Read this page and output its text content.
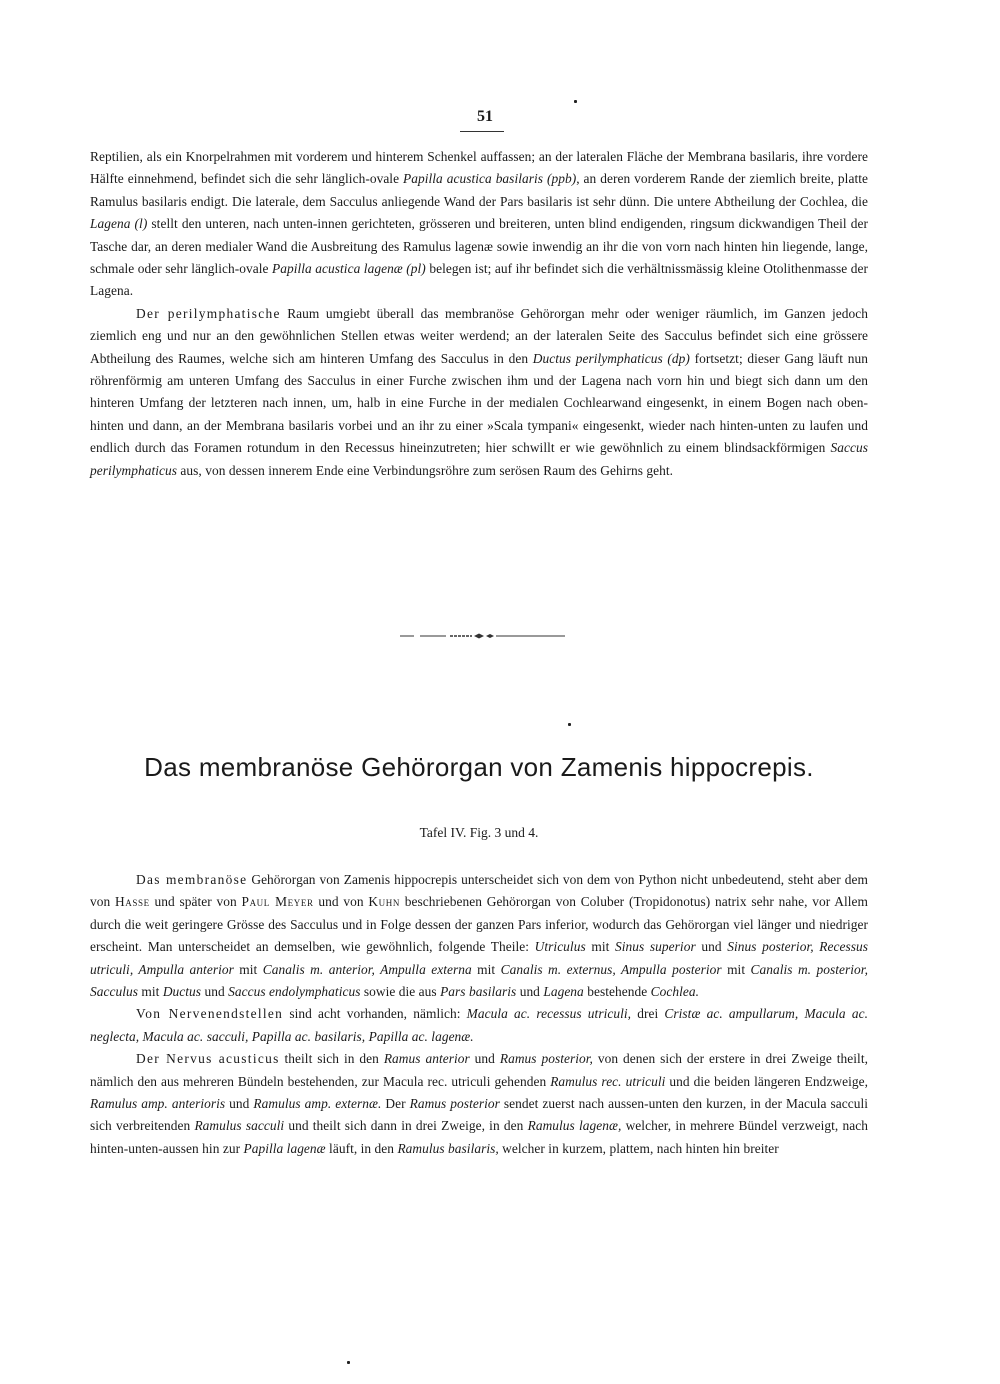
51

Reptilien, als ein Knorpelrahmen mit vorderem und hinterem Schenkel auffassen; an der lateralen Fläche der Membrana basilaris, ihre vordere Hälfte einnehmend, befindet sich die sehr länglich-ovale Papilla acustica basilaris (ppb), an deren vorderem Rande der ziemlich breite, platte Ramulus basilaris endigt. Die laterale, dem Sacculus anliegende Wand der Pars basilaris ist sehr dünn. Die untere Abtheilung der Cochlea, die Lagena (l) stellt den unteren, nach unten-innen gerichteten, grösseren und breiteren, unten blind endigenden, ringsum dickwandigen Theil der Tasche dar, an deren medialer Wand die Ausbreitung des Ramulus lagenæ sowie inwendig an ihr die von vorn nach hinten hin liegende, lange, schmale oder sehr länglich-ovale Papilla acustica lagenæ (pl) belegen ist; auf ihr befindet sich die verhältnissmässig kleine Otolithenmasse der Lagena.

Der perilymphatische Raum umgiebt überall das membranöse Gehörorgan mehr oder weniger räumlich, im Ganzen jedoch ziemlich eng und nur an den gewöhnlichen Stellen etwas weiter werdend; an der lateralen Seite des Sacculus befindet sich eine grössere Abtheilung des Raumes, welche sich am hinteren Umfang des Sacculus in den Ductus perilymphaticus (dp) fortsetzt; dieser Gang läuft nun röhrenförmig am unteren Umfang des Sacculus in einer Furche zwischen ihm und der Lagena nach vorn hin und biegt sich dann um den hinteren Umfang der letzteren nach innen, um, halb in eine Furche in der medialen Cochlearwand eingesenkt, in einem Bogen nach oben-hinten und dann, an der Membrana basilaris vorbei und an ihr zu einer »Scala tympani« eingesenkt, wieder nach hinten-unten zu laufen und endlich durch das Foramen rotundum in den Recessus hineinzutreten; hier schwillt er wie gewöhnlich zu einem blindsackförmigen Saccus perilymphaticus aus, von dessen innerem Ende eine Verbindungsröhre zum serösen Raum des Gehirns geht.

Das membranöse Gehörorgan von Zamenis hippocrepis.
Tafel IV. Fig. 3 und 4.

Das membranöse Gehörorgan von Zamenis hippocrepis unterscheidet sich von dem von Python nicht unbedeutend, steht aber dem von Hasse und später von Paul Meyer und von Kuhn beschriebenen Gehörorgan von Coluber (Tropidonotus) natrix sehr nahe, vor Allem durch die weit geringere Grösse des Sacculus und in Folge dessen der ganzen Pars inferior, wodurch das Gehörorgan viel länger und niedriger erscheint. Man unterscheidet an demselben, wie gewöhnlich, folgende Theile: Utriculus mit Sinus superior und Sinus posterior, Recessus utriculi, Ampulla anterior mit Canalis m. anterior, Ampulla externa mit Canalis m. externus, Ampulla posterior mit Canalis m. posterior, Sacculus mit Ductus und Saccus endolymphaticus sowie die aus Pars basilaris und Lagena bestehende Cochlea.

Von Nervenendstellen sind acht vorhanden, nämlich: Macula ac. recessus utriculi, drei Cristæ ac. ampullarum, Macula ac. neglecta, Macula ac. sacculi, Papilla ac. basilaris, Papilla ac. lagenæ.

Der Nervus acusticus theilt sich in den Ramus anterior und Ramus posterior, von denen sich der erstere in drei Zweige theilt, nämlich den aus mehreren Bündeln bestehenden, zur Macula rec. utriculi gehenden Ramulus rec. utriculi und die beiden längeren Endzweige, Ramulus amp. anterioris und Ramulus amp. externæ. Der Ramus posterior sendet zuerst nach aussen-unten den kurzen, in der Macula sacculi sich verbreitenden Ramulus sacculi und theilt sich dann in drei Zweige, in den Ramulus lagenæ, welcher, in mehrere Bündel verzweigt, nach hinten-unten-aussen hin zur Papilla lagenæ läuft, in den Ramulus basilaris, welcher in kurzem, plattem, nach hinten hin breiter
